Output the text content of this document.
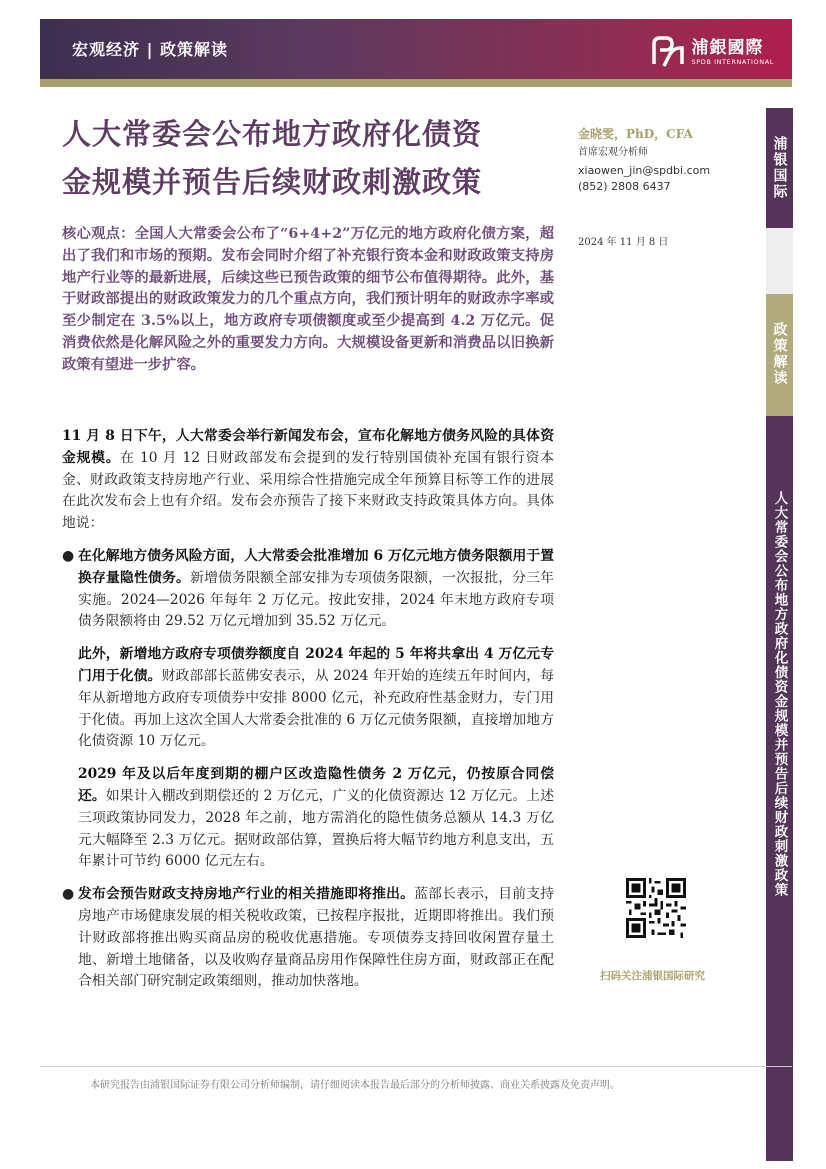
宏观经济 | 政策解读	浦銀國際
SPDB INTERNATIONAL
人大常委会公布地方政府化债资
金规模并预告后续财政刺激政策
金晓雯，PhD，CFA
首席宏观分析师
xiaowen_jin@spdbi.com
(852) 2808 6437
2024 年 11 月 8 日
浦银国际
政策解读
人大常委会公布地方政府化债资金规模并预告后续财政刺激政策
核心观点：全国人大常委会公布了“6+4+2”万亿元的地方政府化债方案，超出了我们和市场的预期。发布会同时介绍了补充银行资本金和财政政策支持房地产行业等的最新进展，后续这些已预告政策的细节公布值得期待。此外，基于财政部提出的财政政策发力的几个重点方向，我们预计明年的财政赤字率或至少制定在 3.5%以上，地方政府专项债额度或至少提高到 4.2 万亿元。促消费依然是化解风险之外的重要发力方向。大规模设备更新和消费品以旧换新政策有望进一步扩容。

11 月 8 日下午，人大常委会举行新闻发布会，宣布化解地方债务风险的具体资金规模。在 10 月 12 日财政部发布会提到的发行特别国债补充国有银行资本金、财政政策支持房地产行业、采用综合性措施完成全年预算目标等工作的进展在此次发布会上也有介绍。发布会亦预告了接下来财政支持政策具体方向。具体地说：

● 在化解地方债务风险方面，人大常委会批准增加 6 万亿元地方债务限额用于置换存量隐性债务。新增债务限额全部安排为专项债务限额，一次报批，分三年实施。2024—2026 年每年 2 万亿元。按此安排，2024 年末地方政府专项债务限额将由 29.52 万亿元增加到 35.52 万亿元。

此外，新增地方政府专项债券额度自 2024 年起的 5 年将共拿出 4 万亿元专门用于化债。财政部部长蓝佛安表示，从 2024 年开始的连续五年时间内，每年从新增地方政府专项债券中安排 8000 亿元，补充政府性基金财力，专门用于化债。再加上这次全国人大常委会批准的 6 万亿元债务限额，直接增加地方化债资源 10 万亿元。

2029 年及以后年度到期的棚户区改造隐性债务 2 万亿元，仍按原合同偿还。如果计入棚改到期偿还的 2 万亿元，广义的化债资源达 12 万亿元。上述三项政策协同发力，2028 年之前，地方需消化的隐性债务总额从 14.3 万亿元大幅降至 2.3 万亿元。据财政部估算，置换后将大幅节约地方利息支出，五年累计可节约 6000 亿元左右。

● 发布会预告财政支持房地产行业的相关措施即将推出。蓝部长表示，目前支持房地产市场健康发展的相关税收政策，已按程序报批，近期即将推出。我们预计财政部将推出购买商品房的税收优惠措施。专项债券支持回收闲置存量土地、新增土地储备，以及收购存量商品房用作保障性住房方面，财政部正在配合相关部门研究制定政策细则，推动加快落地。	扫码关注浦银国际研究
本研究报告由浦银国际证券有限公司分析师编制，请仔细阅读本报告最后部分的分析师披露、商业关系披露及免责声明。
